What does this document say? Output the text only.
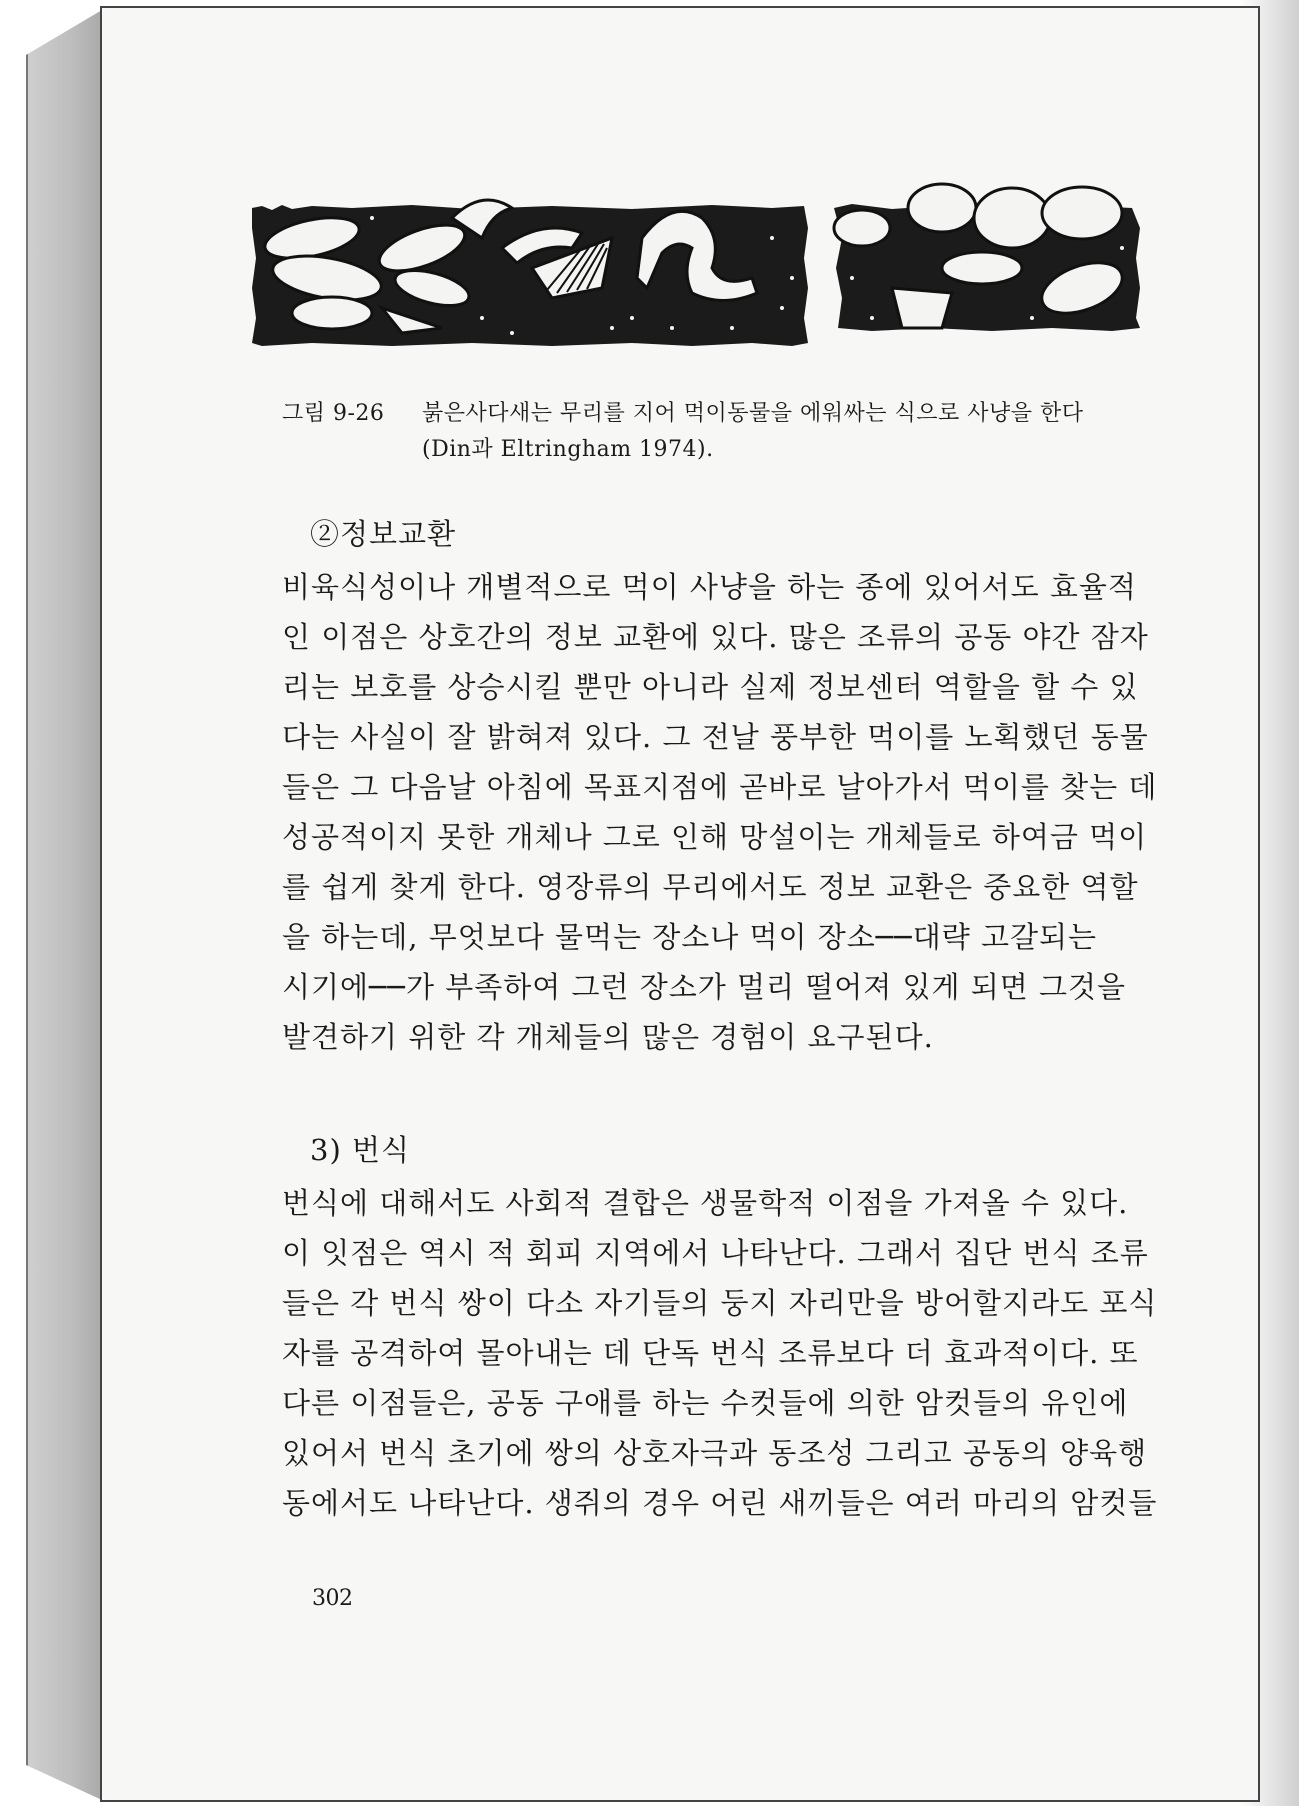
그림 9-26 붉은사다새는 무리를 지어 먹이동물을 에워싸는 식으로 사냥을 한다
(Din과 Eltringham 1974).
②정보교환

비육식성이나 개별적으로 먹이 사냥을 하는 종에 있어서도 효율적

인 이점은 상호간의 정보 교환에 있다. 많은 조류의 공동 야간 잠자

리는 보호를 상승시킬 뿐만 아니라 실제 정보센터 역할을 할 수 있

다는 사실이 잘 밝혀져 있다. 그 전날 풍부한 먹이를 노획했던 동물

들은 그 다음날 아침에 목표지점에 곧바로 날아가서 먹이를 찾는 데

성공적이지 못한 개체나 그로 인해 망설이는 개체들로 하여금 먹이

를 쉽게 찾게 한다. 영장류의 무리에서도 정보 교환은 중요한 역할

을 하는데, 무엇보다 물먹는 장소나 먹이 장소──대략 고갈되는

시기에──가 부족하여 그런 장소가 멀리 떨어져 있게 되면 그것을

발견하기 위한 각 개체들의 많은 경험이 요구된다.

3) 번식

번식에 대해서도 사회적 결합은 생물학적 이점을 가져올 수 있다.

이 잇점은 역시 적 회피 지역에서 나타난다. 그래서 집단 번식 조류

들은 각 번식 쌍이 다소 자기들의 둥지 자리만을 방어할지라도 포식

자를 공격하여 몰아내는 데 단독 번식 조류보다 더 효과적이다. 또

다른 이점들은, 공동 구애를 하는 수컷들에 의한 암컷들의 유인에

있어서 번식 초기에 쌍의 상호자극과 동조성 그리고 공동의 양육행

동에서도 나타난다. 생쥐의 경우 어린 새끼들은 여러 마리의 암컷들

302
